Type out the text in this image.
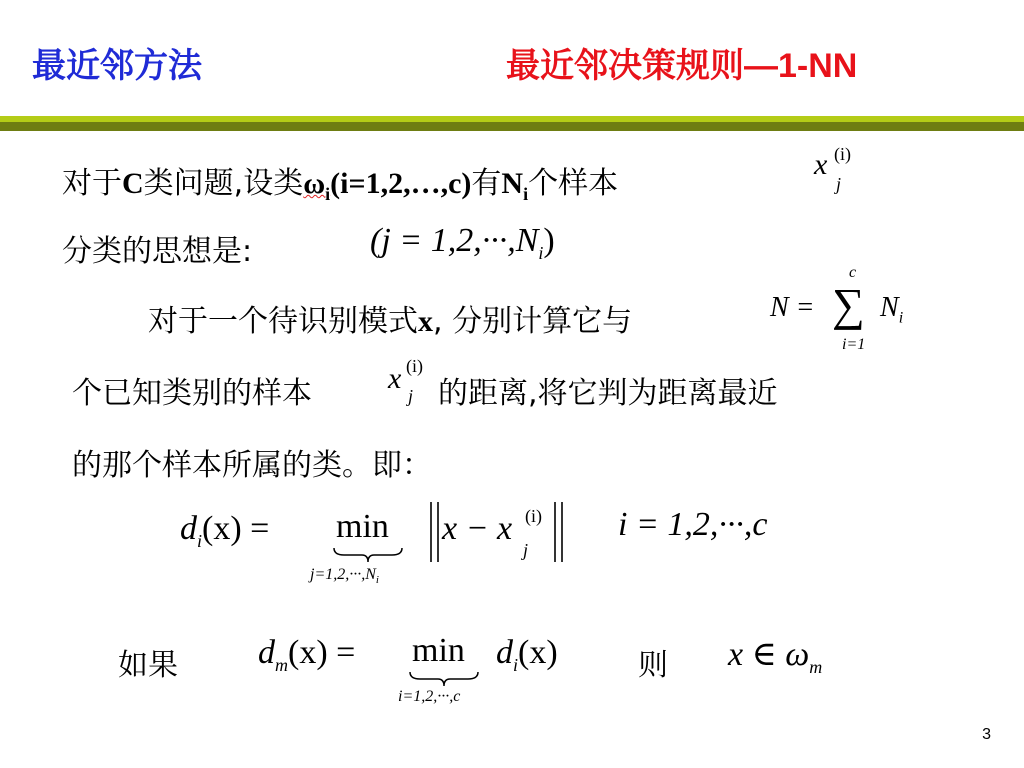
最近邻方法	最近邻决策规则—1-NN
对于C类问题,设类$\omega_i(i=1,2,\dots,c)$有$N_i$个样本
x (i)
j
分类的思想是:	$(j = 1,2,\cdot\cdot\cdot,N_i)$
对于一个待识别模式x, 分别计算它与	N =
c
∑
i=1
$N_i$
个已知类别的样本	x (i)
j 的距离,将它判为距离最近
的那个样本所属的类。即：
$d_i(x) = \min$
$j=1,2,\cdot\cdot\cdot,N_i$
x − x (i)
j
i = 1,2,···,c
如果 $d_m(x) = \min$
i=1,2,···,c
$d_i(x)$	则 x ∈ $\omega_m$
3
